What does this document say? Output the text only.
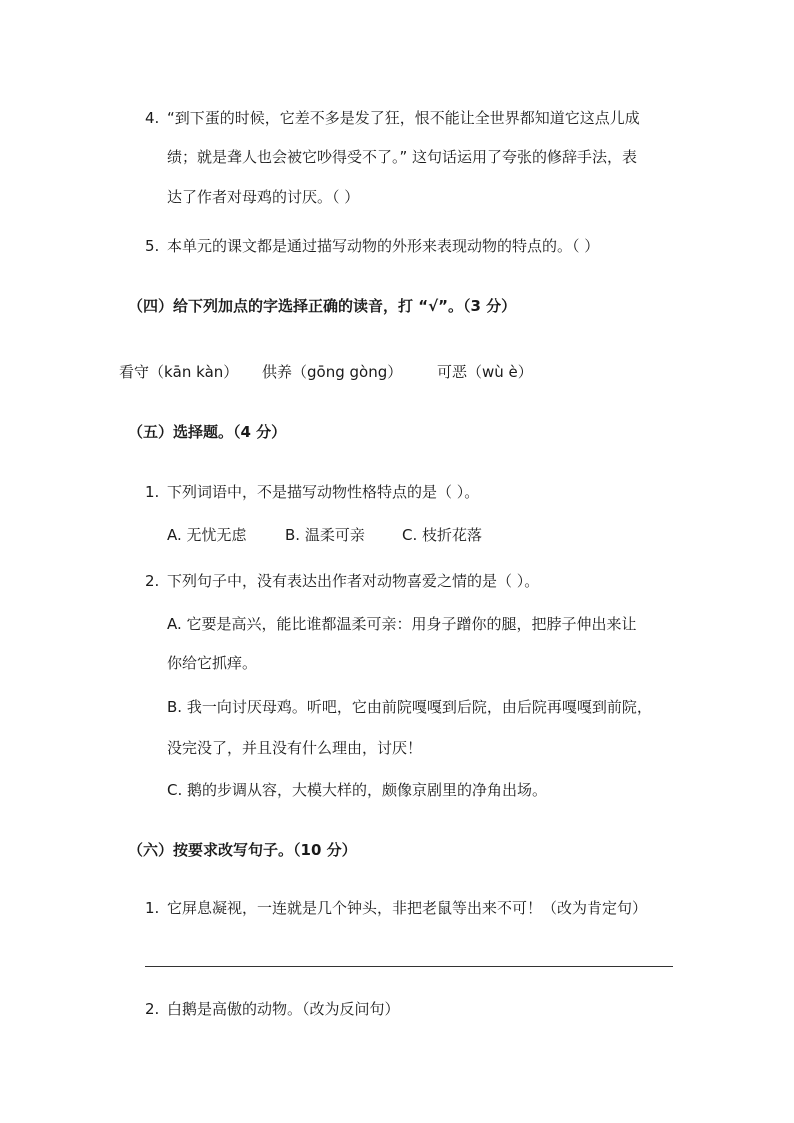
4. “到下蛋的时候，它差不多是发了狂，恨不能让全世界都知道它这点儿成
绩；就是聋人也会被它吵得受不了。” 这句话运用了夸张的修辞手法，表
达了作者对母鸡的讨厌。（ ）
5. 本单元的课文都是通过描写动物的外形来表现动物的特点的。（ ）
（四）给下列加点的字选择正确的读音，打 “√”。（3 分）
看守（kān kàn） 供养（gōng gòng） 可恶（wù è）
（五）选择题。（4 分）
1. 下列词语中，不是描写动物性格特点的是（ ）。
A. 无忧无虑	B. 温柔可亲 C. 枝折花落
2. 下列句子中，没有表达出作者对动物喜爱之情的是（ ）。
A. 它要是高兴，能比谁都温柔可亲：用身子蹭你的腿，把脖子伸出来让
你给它抓痒。
B. 我一向讨厌母鸡。听吧，它由前院嘎嘎到后院，由后院再嘎嘎到前院，
没完没了，并且没有什么理由，讨厌！
C. 鹅的步调从容，大模大样的，颇像京剧里的净角出场。
（六）按要求改写句子。（10 分）
1. 它屏息凝视，一连就是几个钟头，非把老鼠等出来不可！（改为肯定句）
2. 白鹅是高傲的动物。（改为反问句）
